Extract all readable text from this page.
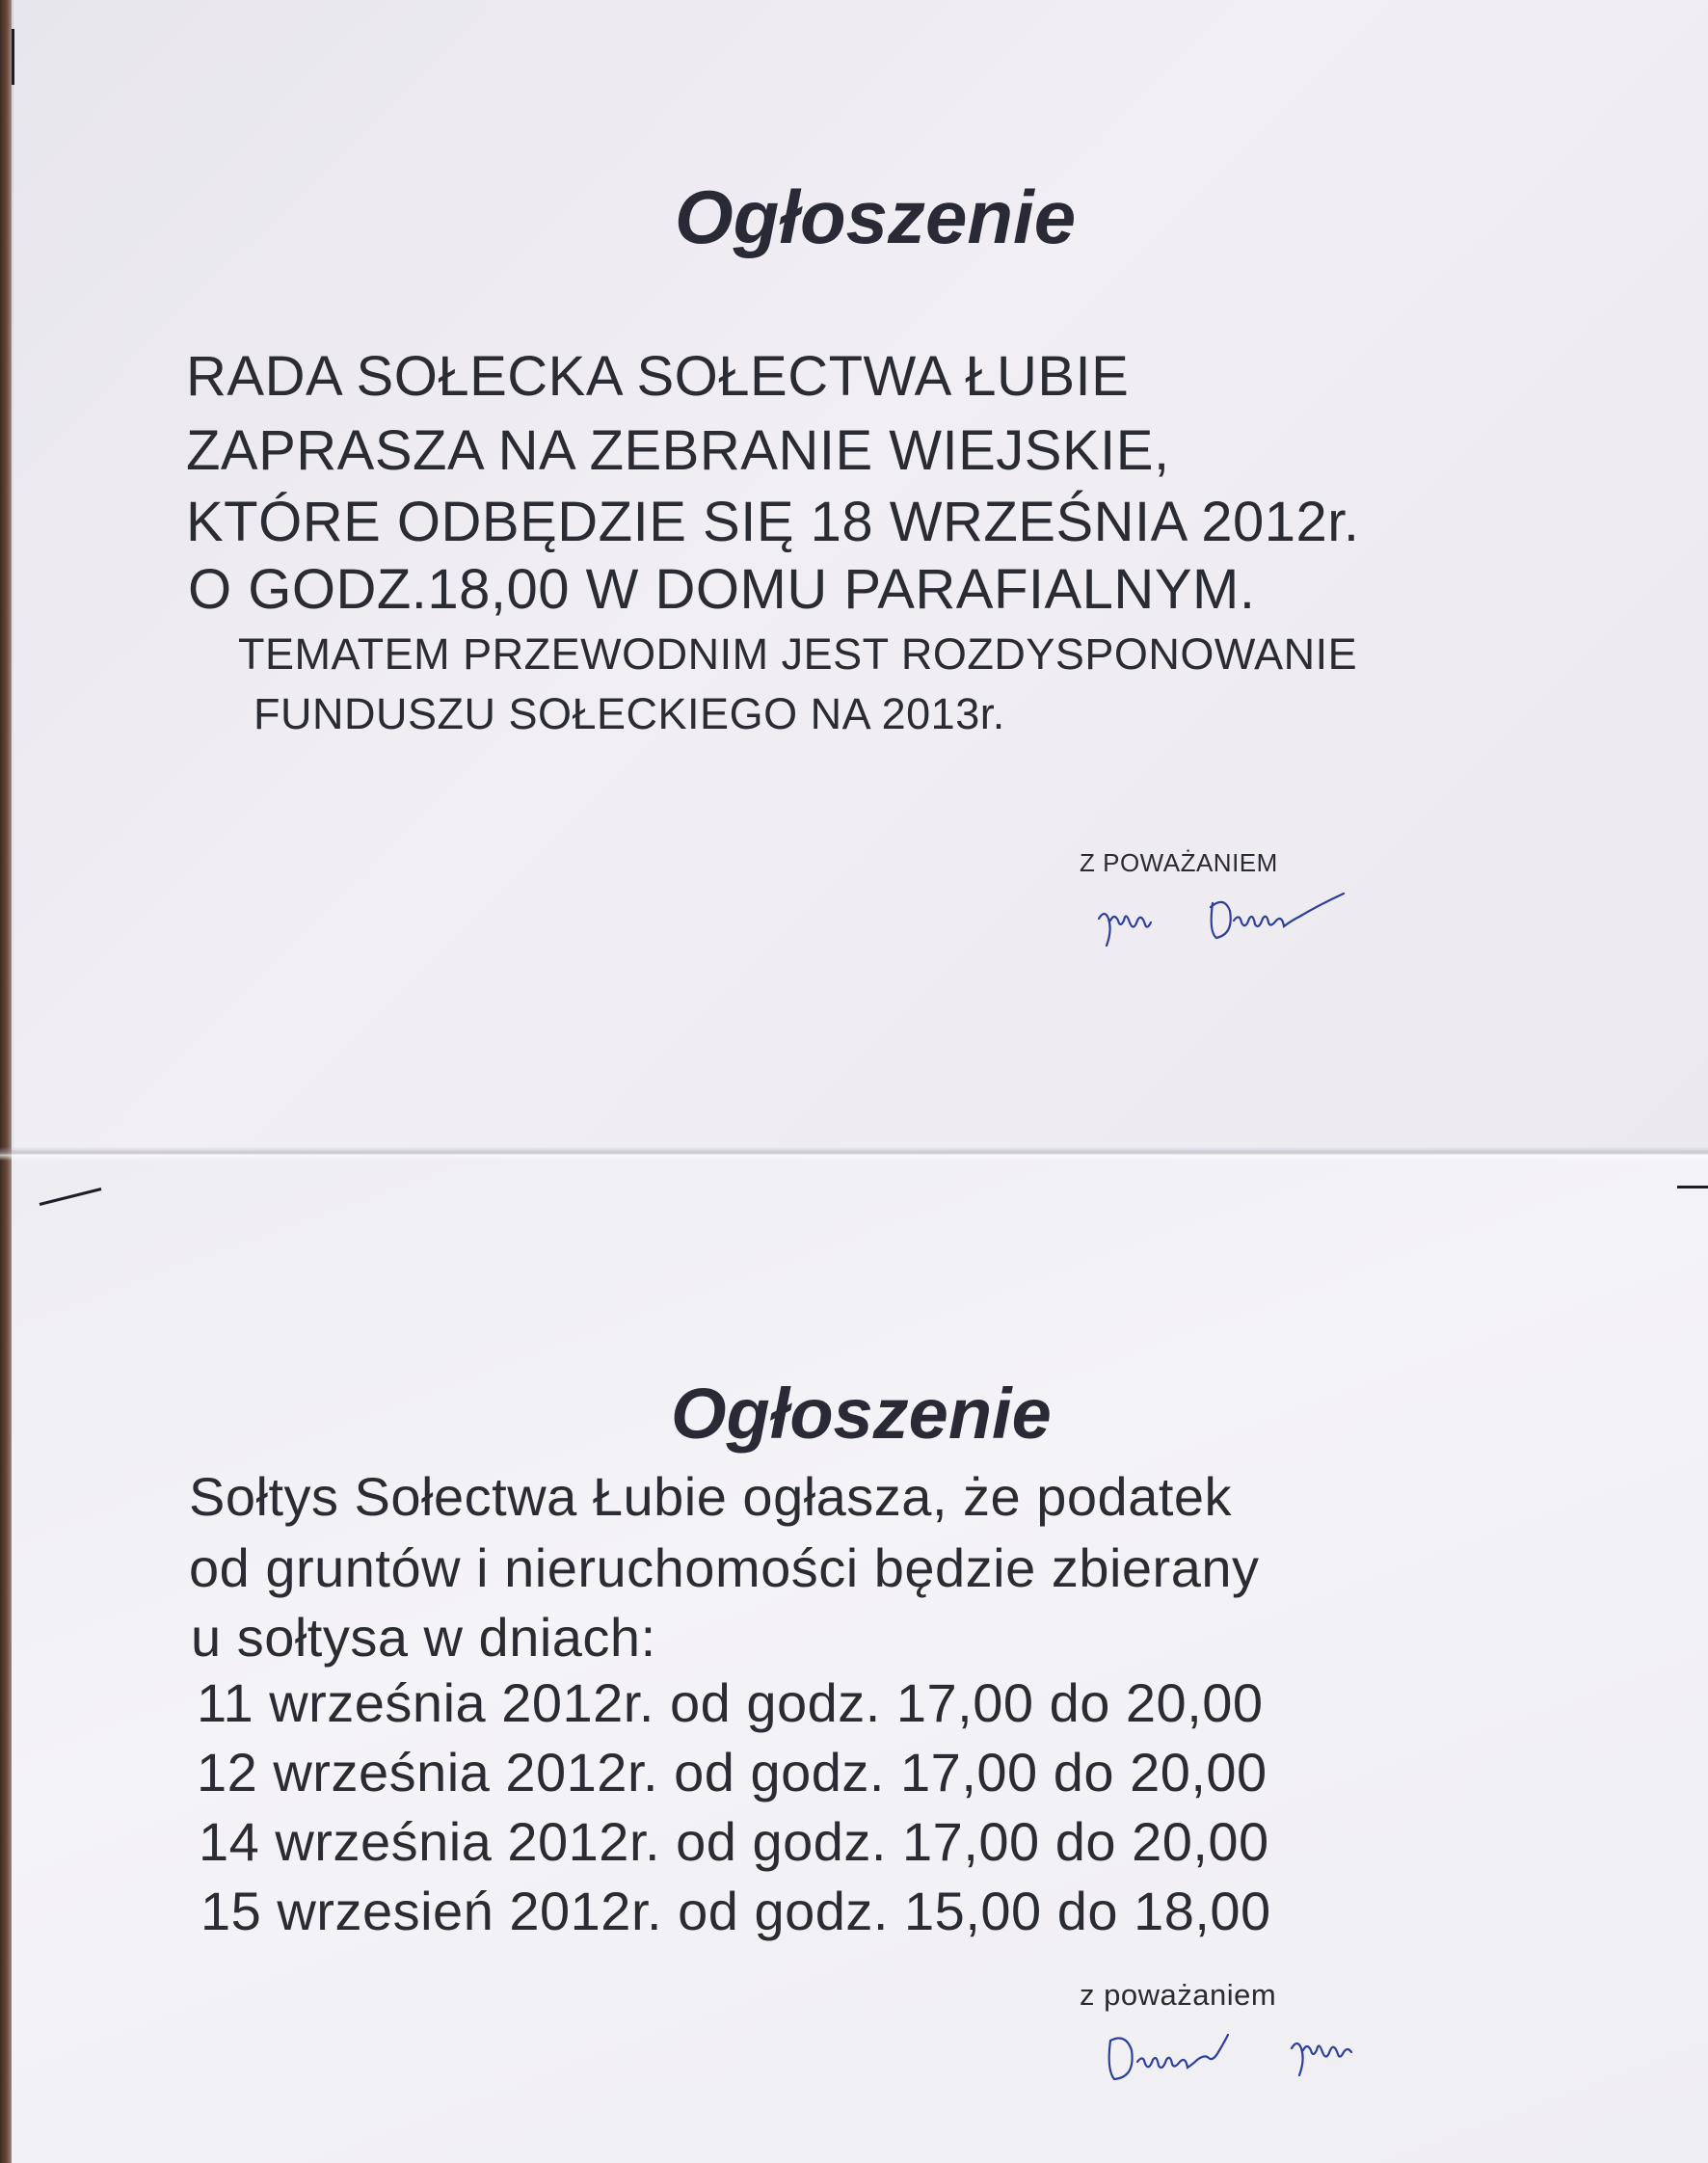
Ogłoszenie
RADA SOŁECKA SOŁECTWA ŁUBIE
ZAPRASZA NA ZEBRANIE WIEJSKIE,
KTÓRE ODBĘDZIE SIĘ 18 WRZEŚNIA 2012r.
O GODZ.18,00 W DOMU PARAFIALNYM.
TEMATEM PRZEWODNIM JEST ROZDYSPONOWANIE
FUNDUSZU SOŁECKIEGO NA 2013r.
Z POWAŻANIEM
Ogłoszenie
Sołtys Sołectwa Łubie ogłasza, że podatek
od gruntów i nieruchomości będzie zbierany
u sołtysa w dniach:
11 września 2012r. od godz. 17,00 do 20,00
12 września 2012r. od godz. 17,00 do 20,00
14 września 2012r. od godz. 17,00 do 20,00
15 wrzesień 2012r. od godz. 15,00 do 18,00
z poważaniem
